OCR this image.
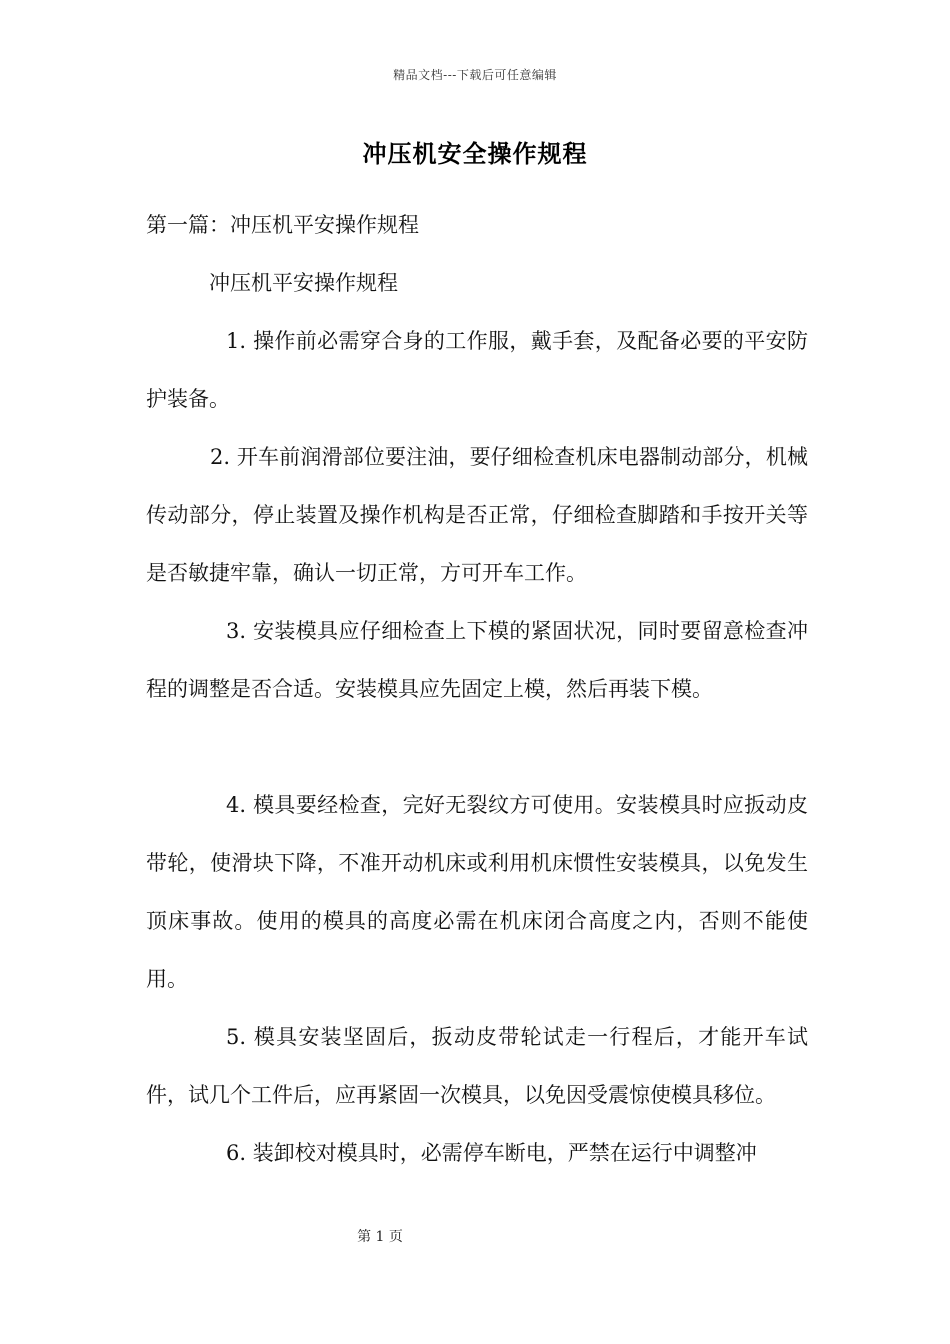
精品文档---下载后可任意编辑
冲压机安全操作规程

第一篇：冲压机平安操作规程

冲压机平安操作规程

1. 操作前必需穿合身的工作服，戴手套，及配备必要的平安防护装备。

2. 开车前润滑部位要注油，要仔细检查机床电器制动部分，机械传动部分，停止装置及操作机构是否正常，仔细检查脚踏和手按开关等是否敏捷牢靠，确认一切正常，方可开车工作。

3. 安装模具应仔细检查上下模的紧固状况，同时要留意检查冲程的调整是否合适。安装模具应先固定上模，然后再装下模。

4. 模具要经检查，完好无裂纹方可使用。安装模具时应扳动皮带轮，使滑块下降，不准开动机床或利用机床惯性安装模具，以免发生顶床事故。使用的模具的高度必需在机床闭合高度之内，否则不能使用。

5. 模具安装坚固后，扳动皮带轮试走一行程后，才能开车试件，试几个工件后，应再紧固一次模具，以免因受震惊使模具移位。

6. 装卸校对模具时，必需停车断电，严禁在运行中调整冲

第 1 页
